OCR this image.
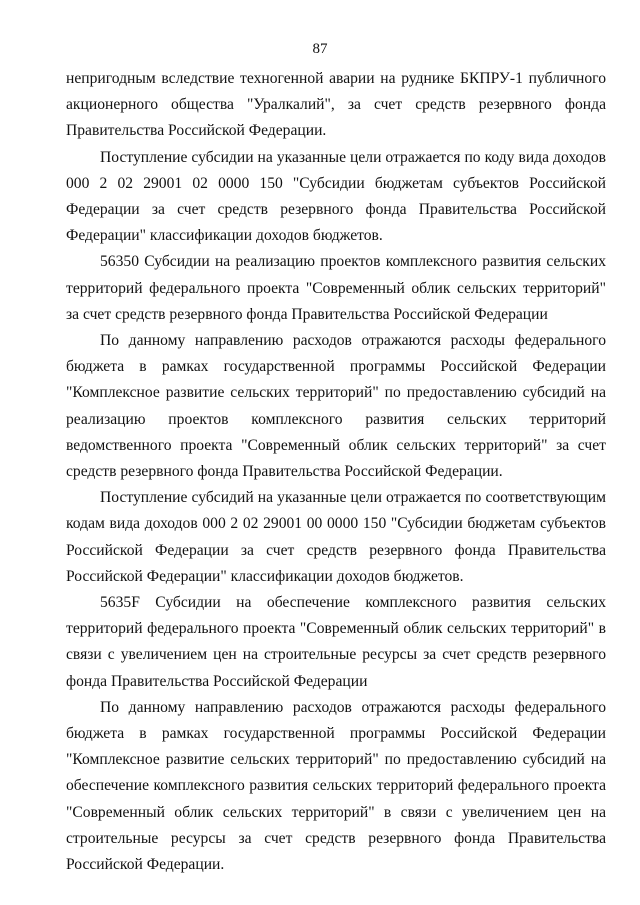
87

непригодным вследствие техногенной аварии на руднике БКПРУ-1 публичного акционерного общества "Уралкалий", за счет средств резервного фонда Правительства Российской Федерации.

Поступление субсидии на указанные цели отражается по коду вида доходов 000 2 02 29001 02 0000 150 "Субсидии бюджетам субъектов Российской Федерации за счет средств резервного фонда Правительства Российской Федерации" классификации доходов бюджетов.

56350 Субсидии на реализацию проектов комплексного развития сельских территорий федерального проекта "Современный облик сельских территорий" за счет средств резервного фонда Правительства Российской Федерации

По данному направлению расходов отражаются расходы федерального бюджета в рамках государственной программы Российской Федерации "Комплексное развитие сельских территорий" по предоставлению субсидий на реализацию проектов комплексного развития сельских территорий ведомственного проекта "Современный облик сельских территорий" за счет средств резервного фонда Правительства Российской Федерации.

Поступление субсидий на указанные цели отражается по соответствующим кодам вида доходов 000 2 02 29001 00 0000 150 "Субсидии бюджетам субъектов Российской Федерации за счет средств резервного фонда Правительства Российской Федерации" классификации доходов бюджетов.

5635F Субсидии на обеспечение комплексного развития сельских территорий федерального проекта "Современный облик сельских территорий" в связи с увеличением цен на строительные ресурсы за счет средств резервного фонда Правительства Российской Федерации

По данному направлению расходов отражаются расходы федерального бюджета в рамках государственной программы Российской Федерации "Комплексное развитие сельских территорий" по предоставлению субсидий на обеспечение комплексного развития сельских территорий федерального проекта "Современный облик сельских территорий" в связи с увеличением цен на строительные ресурсы за счет средств резервного фонда Правительства Российской Федерации.
